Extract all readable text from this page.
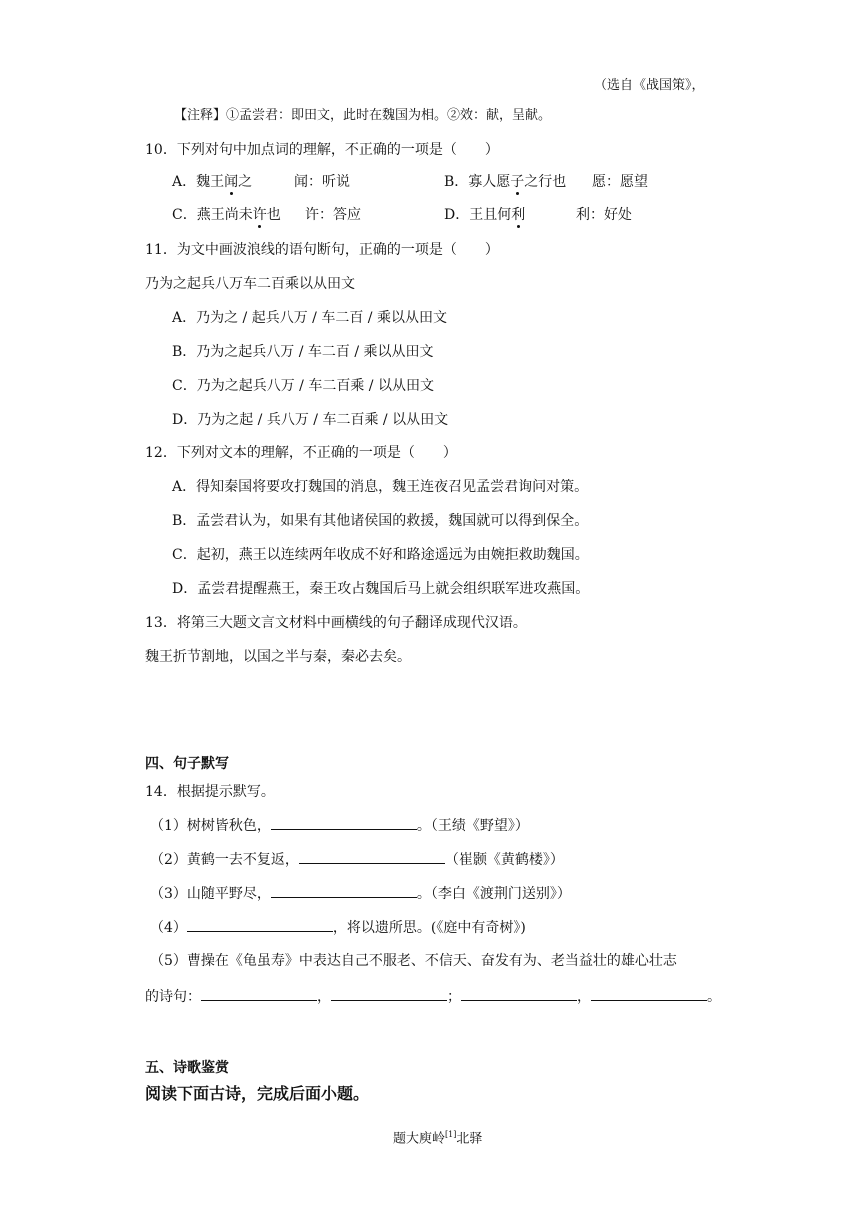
（选自《战国策》，
【注释】①孟尝君：即田文，此时在魏国为相。②效：献，呈献。
10．下列对句中加点词的理解，不正确的一项是（　　）
A．魏王闻之	闻：听说	B．寡人愿子之行也 愿：愿望
C．燕王尚未许也 许：答应	D．王且何利	利：好处
11．为文中画波浪线的语句断句，正确的一项是（　　）
乃为之起兵八万车二百乘以从田文
A．乃为之 / 起兵八万 / 车二百 / 乘以从田文
B．乃为之起兵八万 / 车二百 / 乘以从田文
C．乃为之起兵八万 / 车二百乘 / 以从田文
D．乃为之起 / 兵八万 / 车二百乘 / 以从田文
12．下列对文本的理解，不正确的一项是（　　）
A．得知秦国将要攻打魏国的消息，魏王连夜召见孟尝君询问对策。
B．孟尝君认为，如果有其他诸侯国的救援，魏国就可以得到保全。
C．起初，燕王以连续两年收成不好和路途遥远为由婉拒救助魏国。
D．孟尝君提醒燕王，秦王攻占魏国后马上就会组织联军进攻燕国。
13．将第三大题文言文材料中画横线的句子翻译成现代汉语。
魏王折节割地，以国之半与秦，秦必去矣。
四、句子默写
14．根据提示默写。
（1）树树皆秋色，	。（王绩《野望》）
（2）黄鹤一去不复返，	（崔颢《黄鹤楼》）
（3）山随平野尽，	。（李白《渡荆门送别》）
（4）	，将以遗所思。(《庭中有奇树》)
（5）曹操在《龟虽寿》中表达自己不服老、不信天、奋发有为、老当益壮的雄心壮志
的诗句：	，	；	，	。
五、诗歌鉴赏
阅读下面古诗，完成后面小题。
题大庾岭[1]北驿
